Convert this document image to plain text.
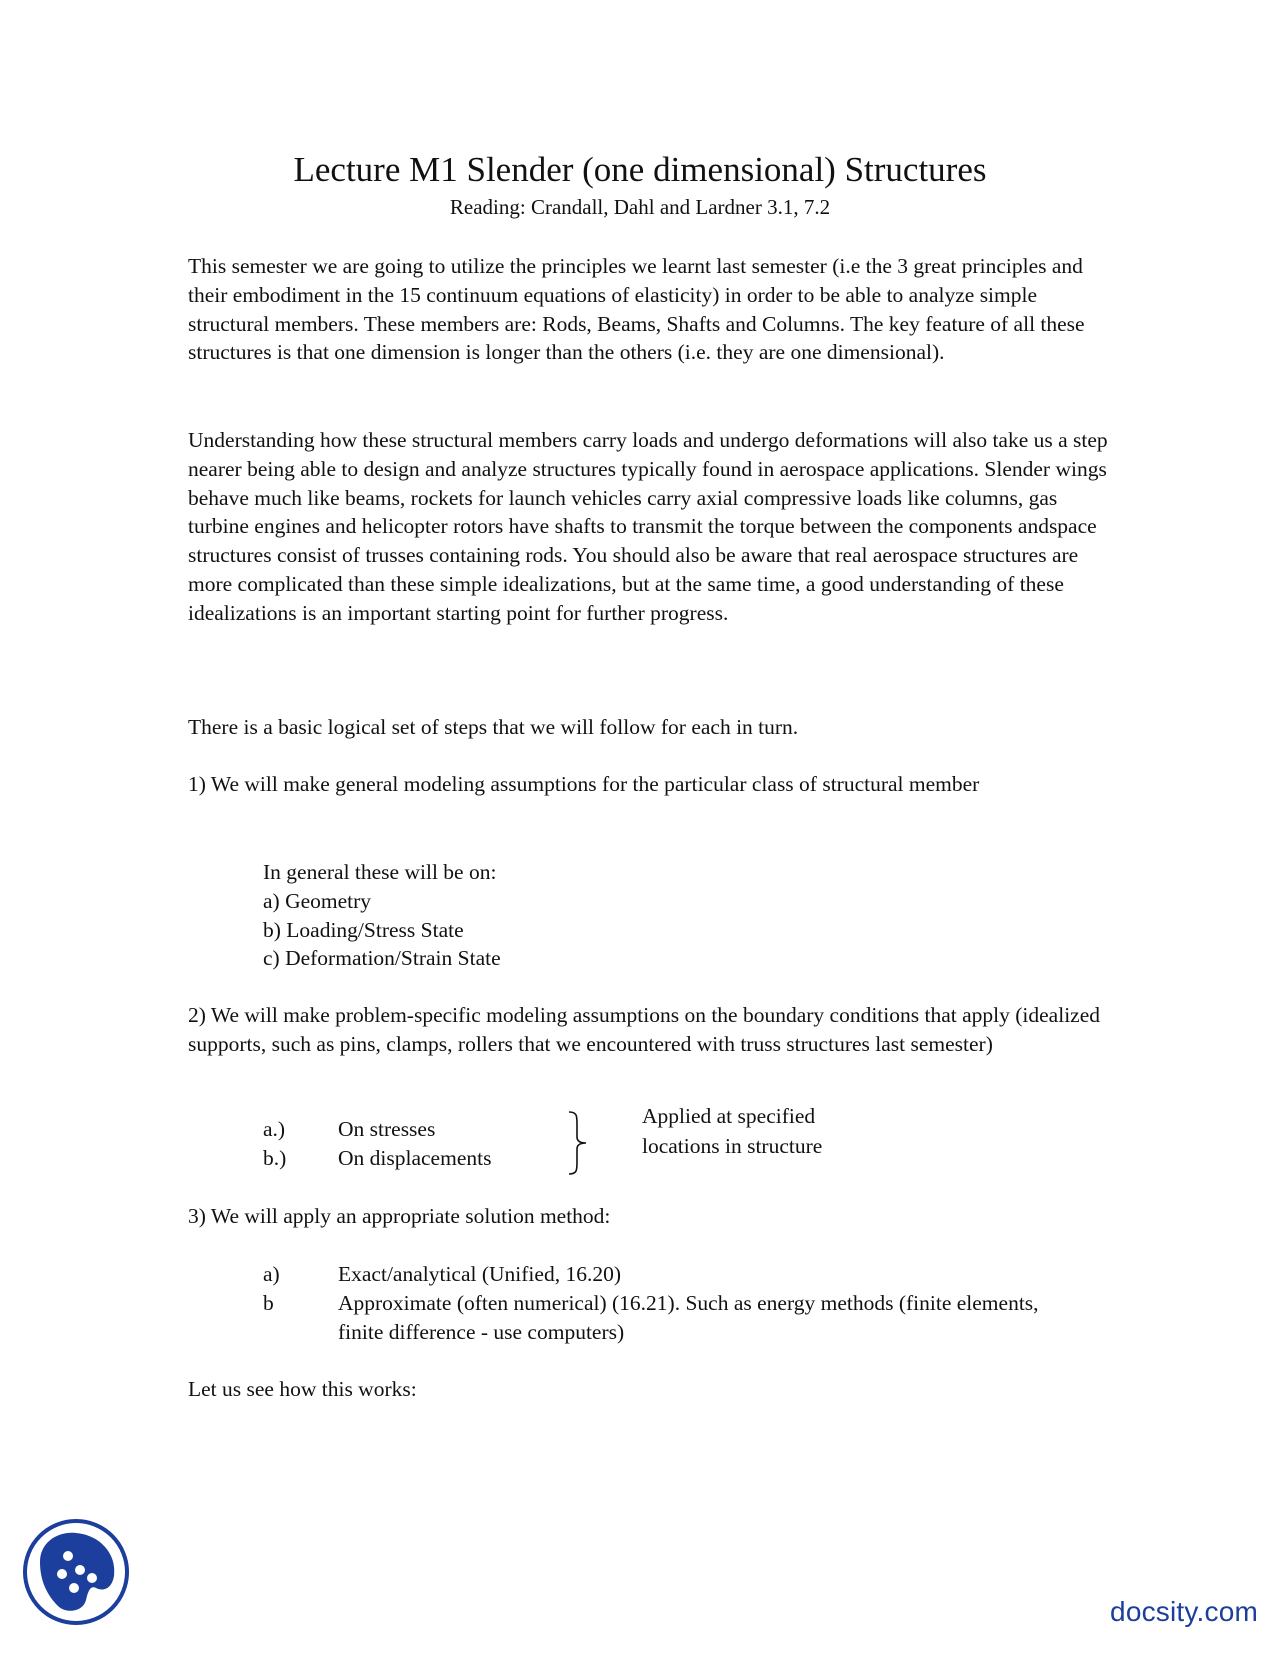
Lecture M1 Slender (one dimensional) Structures
Reading: Crandall, Dahl and Lardner 3.1, 7.2

This semester we are going to utilize the principles we learnt last semester (i.e the 3 great principles and their embodiment in the 15 continuum equations of elasticity) in order to be able to analyze simple structural members. These members are: Rods, Beams, Shafts and Columns. The key feature of all these structures is that one dimension is longer than the others (i.e. they are one dimensional).

Understanding how these structural members carry loads and undergo deformations will also take us a step nearer being able to design and analyze structures typically found in aerospace applications. Slender wings behave much like beams, rockets for launch vehicles carry axial compressive loads like columns, gas turbine engines and helicopter rotors have shafts to transmit the torque between the components andspace structures consist of trusses containing rods. You should also be aware that real aerospace structures are more complicated than these simple idealizations, but at the same time, a good understanding of these idealizations is an important starting point for further progress.

There is a basic logical set of steps that we will follow for each in turn.

1) We will make general modeling assumptions for the particular class of structural member

In general these will be on:
a) Geometry
b) Loading/Stress State
c) Deformation/Strain State

2) We will make problem-specific modeling assumptions on the boundary conditions that apply (idealized supports, such as pins, clamps, rollers that we encountered with truss structures last semester)

a.) On stresses
b.) On displacements
Applied at specified
locations in structure

3) We will apply an appropriate solution method:

a)	Exact/analytical (Unified, 16.20)
b	Approximate (often numerical) (16.21). Such as energy methods (finite elements, finite difference - use computers)

Let us see how this works:

docsity.com
